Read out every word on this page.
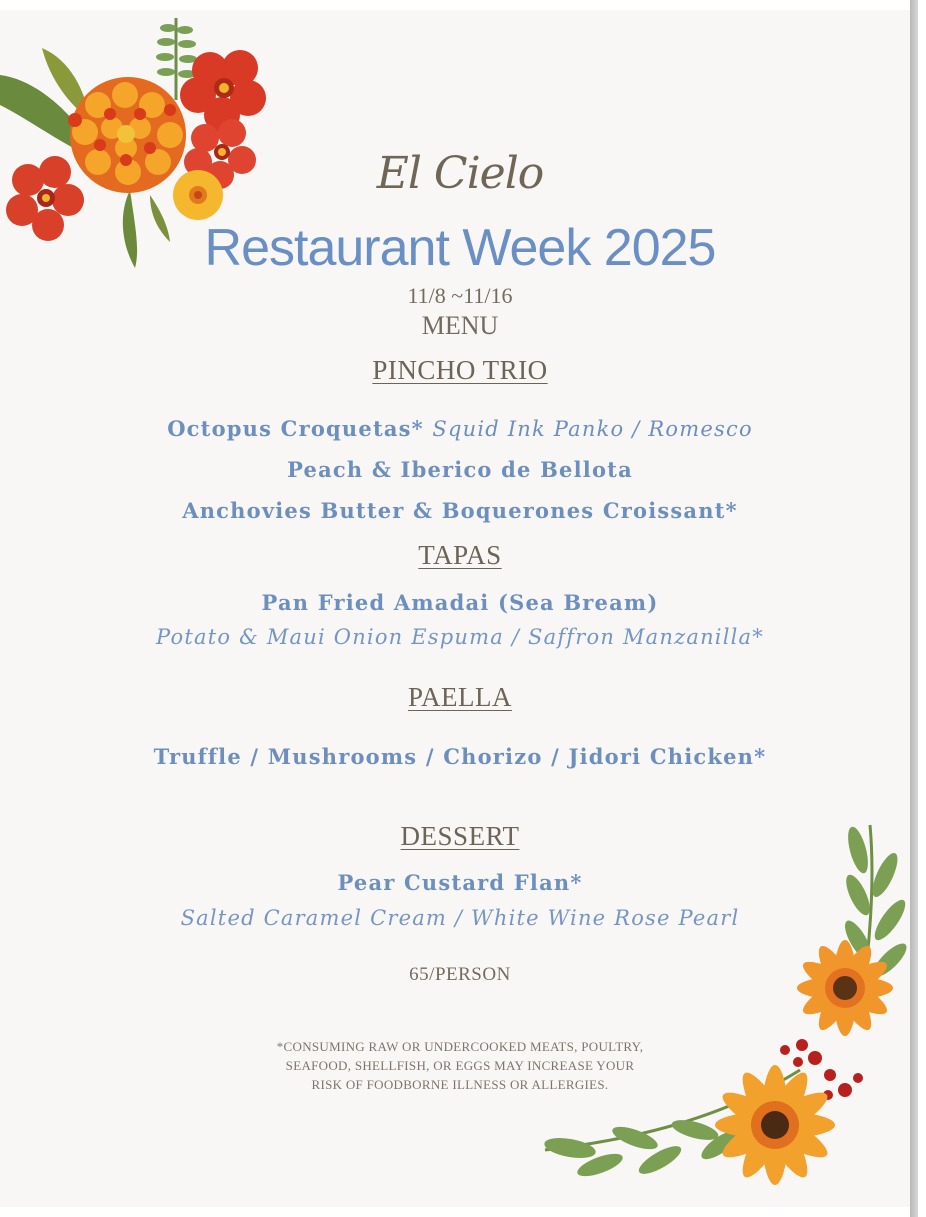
El Cielo
Restaurant Week 2025
11/8 ~11/16
MENU
PINCHO TRIO
Octopus Croquetas* Squid Ink Panko / Romesco
Peach & Iberico de Bellota
Anchovies Butter & Boquerones Croissant*
TAPAS
Pan Fried Amadai (Sea Bream)
Potato & Maui Onion Espuma / Saffron Manzanilla*
PAELLA
Truffle / Mushrooms / Chorizo / Jidori Chicken*
DESSERT
Pear Custard Flan*
Salted Caramel Cream / White Wine Rose Pearl
65/PERSON
*CONSUMING RAW OR UNDERCOOKED MEATS, POULTRY,
SEAFOOD, SHELLFISH, OR EGGS MAY INCREASE YOUR
RISK OF FOODBORNE ILLNESS OR ALLERGIES.
